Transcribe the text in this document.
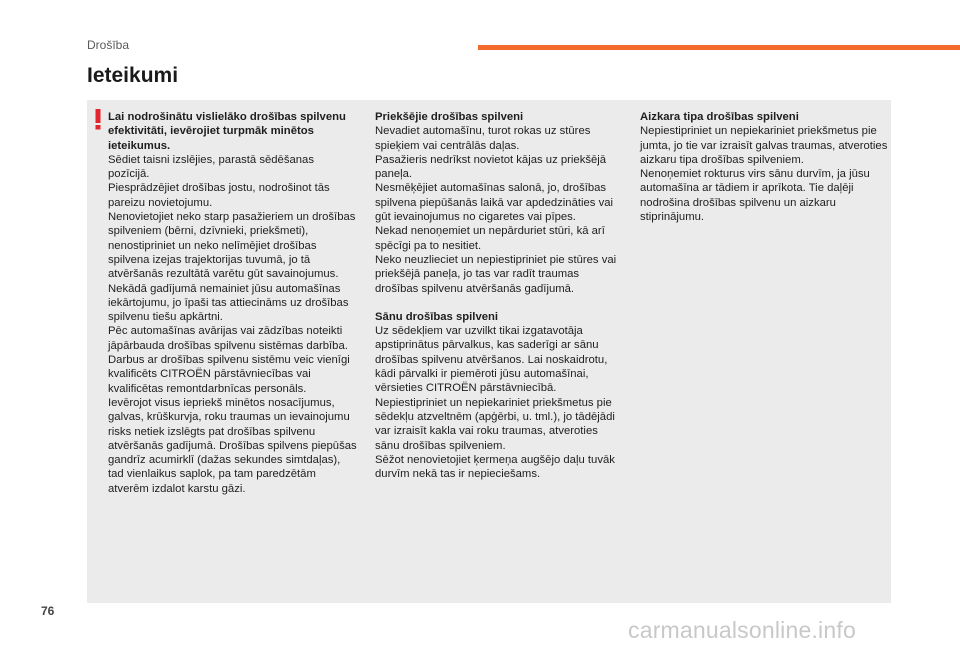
Drošība
Ieteikumi

Lai nodrošinātu vislielāko drošības spilvenu efektivitāti, ievērojiet turpmāk minētos ieteikumus.

Sēdiet taisni izslējies, parastā sēdēšanas pozīcijā.
Piesprādzējiet drošības jostu, nodrošinot tās pareizu novietojumu.
Nenovietojiet neko starp pasažieriem un drošības spilveniem (bērni, dzīvnieki, priekšmeti), nenostipriniet un neko nelīmējiet drošības spilvena izejas trajektorijas tuvumā, jo tā atvēršanās rezultātā varētu gūt savainojumus.
Nekādā gadījumā nemainiet jūsu automašīnas iekārtojumu, jo īpaši tas attiecināms uz drošības spilvenu tiešu apkārtni.
Pēc automašīnas avārijas vai zādzības noteikti jāpārbauda drošības spilvenu sistēmas darbība.
Darbus ar drošības spilvenu sistēmu veic vienīgi kvalificēts CITROËN pārstāvniecības vai kvalificētas remontdarbnīcas personāls.
Ievērojot visus iepriekš minētos nosacījumus, galvas, krūškurvja, roku traumas un ievainojumu risks netiek izslēgts pat drošības spilvenu atvēršanās gadījumā. Drošības spilvens piepūšas gandrīz acumirklī (dažas sekundes simtdaļas), tad vienlaikus saplok, pa tam paredzētām atverēm izdalot karstu gāzi.

Priekšējie drošības spilveni

Nevadiet automašīnu, turot rokas uz stūres spieķiem vai centrālās daļas.
Pasažieris nedrīkst novietot kājas uz priekšējā paneļa.
Nesmēķējiet automašīnas salonā, jo, drošības spilvena piepūšanās laikā var apdedzināties vai gūt ievainojumus no cigaretes vai pīpes.
Nekad nenoņemiet un nepārduriet stūri, kā arī spēcīgi pa to nesitiet.
Neko neuzlieciet un nepiestipriniet pie stūres vai priekšējā paneļa, jo tas var radīt traumas drošības spilvenu atvēršanās gadījumā.

Sānu drošības spilveni

Uz sēdekļiem var uzvilkt tikai izgatavotāja apstiprinātus pārvalkus, kas saderīgi ar sānu drošības spilvenu atvēršanos. Lai noskaidrotu, kādi pārvalki ir piemēroti jūsu automašīnai, vērsieties CITROËN pārstāvniecībā.
Nepiestipriniet un nepiekariniet priekšmetus pie sēdekļu atzveltnēm (apģērbi, u. tml.), jo tādējādi var izraisīt kakla vai roku traumas, atveroties sānu drošības spilveniem.
Sēžot nenovietojiet ķermeņa augšējo daļu tuvāk durvīm nekā tas ir nepieciešams.

Aizkara tipa drošības spilveni

Nepiestipriniet un nepiekariniet priekšmetus pie jumta, jo tie var izraisīt galvas traumas, atveroties aizkaru tipa drošības spilveniem.
Nenoņemiet rokturus virs sānu durvīm, ja jūsu automašīna ar tādiem ir aprīkota. Tie daļēji nodrošina drošības spilvenu un aizkaru stiprinājumu.

76
carmanualsonline.info
